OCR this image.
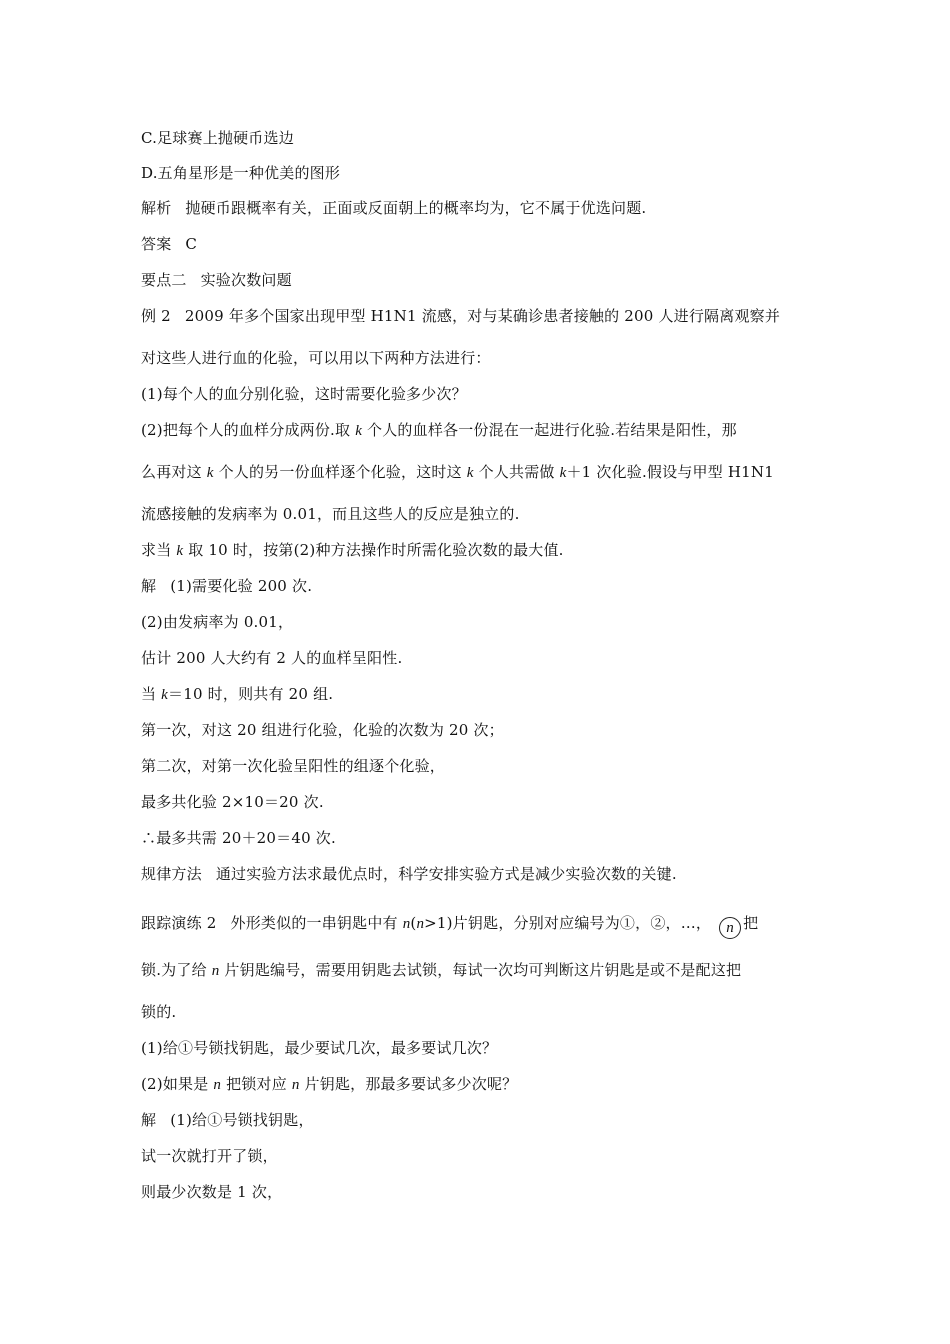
C.足球赛上抛硬币选边
D.五角星形是一种优美的图形
解析 抛硬币跟概率有关，正面或反面朝上的概率均为，它不属于优选问题.
答案 C
要点二 实验次数问题
例 2 2009 年多个国家出现甲型 H1N1 流感，对与某确诊患者接触的 200 人进行隔离观察并
对这些人进行血的化验，可以用以下两种方法进行：
(1)每个人的血分别化验，这时需要化验多少次？
(2)把每个人的血样分成两份.取 k 个人的血样各一份混在一起进行化验.若结果是阳性，那
么再对这 k 个人的另一份血样逐个化验，这时这 k 个人共需做 k＋1 次化验.假设与甲型 H1N1
流感接触的发病率为 0.01，而且这些人的反应是独立的.
求当 k 取 10 时，按第(2)种方法操作时所需化验次数的最大值.
解 (1)需要化验 200 次.
(2)由发病率为 0.01，
估计 200 人大约有 2 人的血样呈阳性.
当 k＝10 时，则共有 20 组.
第一次，对这 20 组进行化验，化验的次数为 20 次；
第二次，对第一次化验呈阳性的组逐个化验，
最多共化验 2×10＝20 次.
∴最多共需 20＋20＝40 次.
规律方法 通过实验方法求最优点时，科学安排实验方式是减少实验次数的关键.
跟踪演练 2 外形类似的一串钥匙中有 n(n>1)片钥匙，分别对应编号为①，②，…， n 把
锁.为了给 n 片钥匙编号，需要用钥匙去试锁，每试一次均可判断这片钥匙是或不是配这把
锁的.
(1)给①号锁找钥匙，最少要试几次，最多要试几次？
(2)如果是 n 把锁对应 n 片钥匙，那最多要试多少次呢？
解 (1)给①号锁找钥匙，
试一次就打开了锁，
则最少次数是 1 次，
